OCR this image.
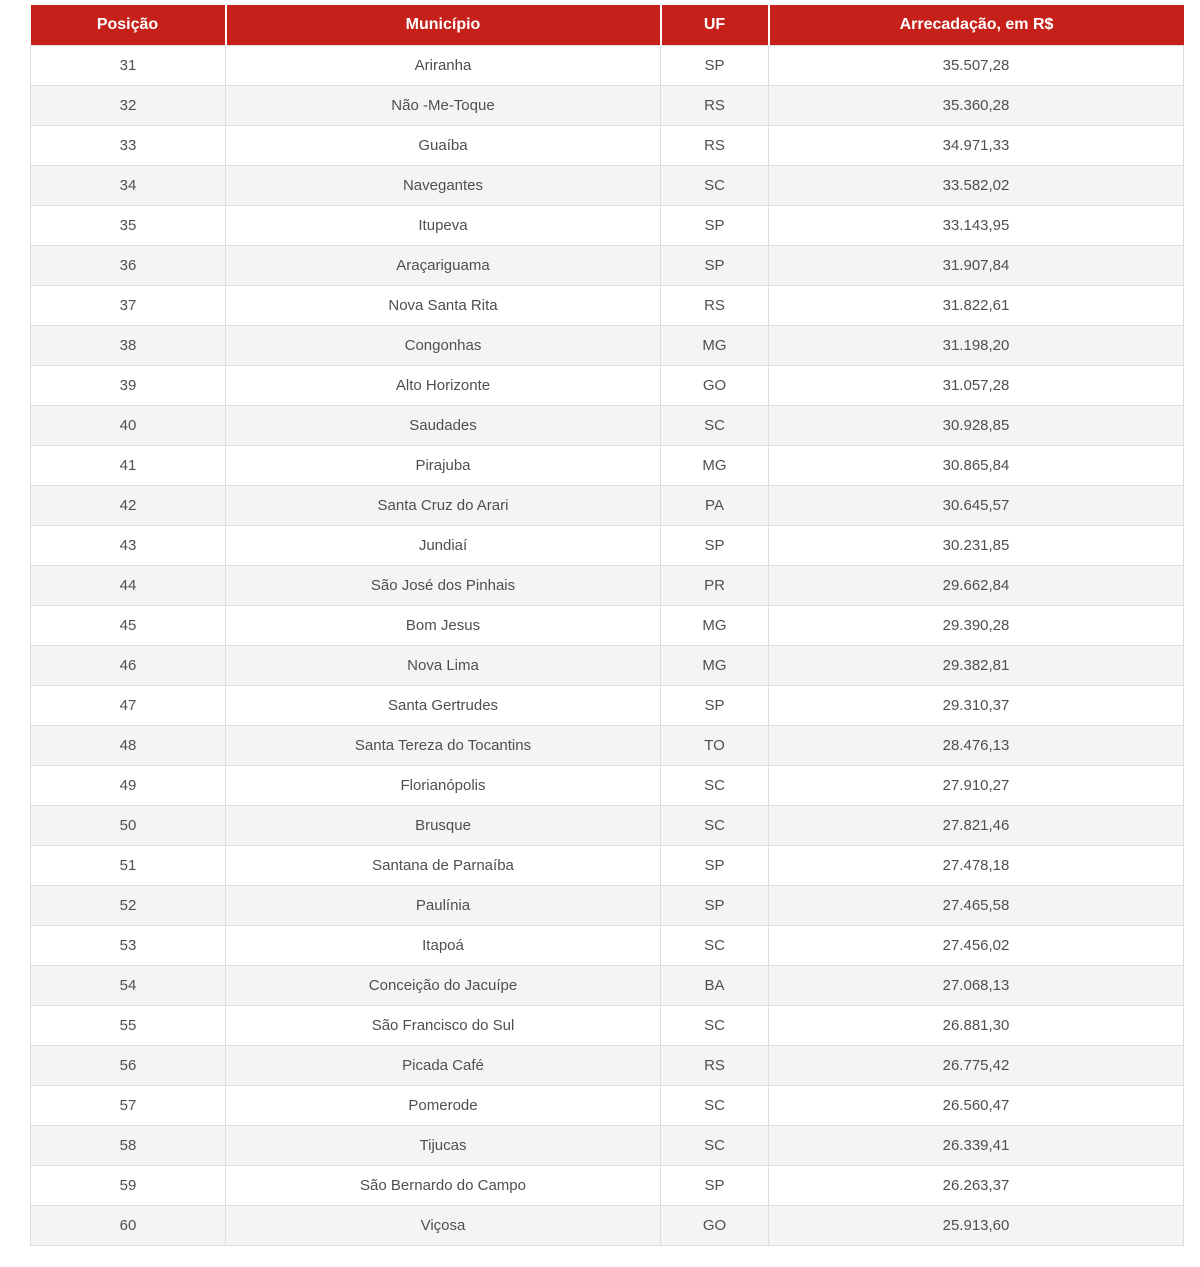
Posição	Município	UF	Arrecadação, em R$
31	Ariranha	SP	35.507,28
32	Não -Me-Toque	RS	35.360,28
33	Guaíba	RS	34.971,33
34	Navegantes	SC	33.582,02
35	Itupeva	SP	33.143,95
36	Araçariguama	SP	31.907,84
37	Nova Santa Rita	RS	31.822,61
38	Congonhas	MG	31.198,20
39	Alto Horizonte	GO	31.057,28
40	Saudades	SC	30.928,85
41	Pirajuba	MG	30.865,84
42	Santa Cruz do Arari	PA	30.645,57
43	Jundiaí	SP	30.231,85
44	São José dos Pinhais	PR	29.662,84
45	Bom Jesus	MG	29.390,28
46	Nova Lima	MG	29.382,81
47	Santa Gertrudes	SP	29.310,37
48	Santa Tereza do Tocantins	TO	28.476,13
49	Florianópolis	SC	27.910,27
50	Brusque	SC	27.821,46
51	Santana de Parnaíba	SP	27.478,18
52	Paulínia	SP	27.465,58
53	Itapoá	SC	27.456,02
54	Conceição do Jacuípe	BA	27.068,13
55	São Francisco do Sul	SC	26.881,30
56	Picada Café	RS	26.775,42
57	Pomerode	SC	26.560,47
58	Tijucas	SC	26.339,41
59	São Bernardo do Campo	SP	26.263,37
60	Viçosa	GO	25.913,60
